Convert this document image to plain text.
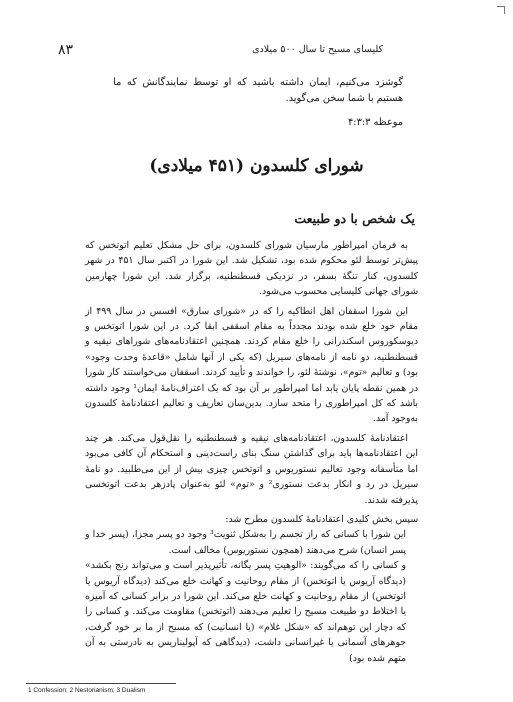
۸۳	کلیسای مسیح تا سال ۵۰۰ میلادی
گوشزد می‌کنیم، ایمان داشته باشید که او توسط نمایندگانش که ما هستیم با شما سخن می‌گوید.
موعظه ۴:۳:۳
شورای کلسدون (۴۵۱ میلادی)
یک شخص با دو طبیعت

به فرمان امپراطور مارسیان شورای کلسدون، برای حل مشکل تعلیم اتوتخس که پیش‌تر توسط لئو محکوم شده بود، تشکیل شد. این شورا در اکتبر سال ۴۵۱ در شهر کلسدون، کنار تنگهٔ بسفر، در نزدیکی قسطنطنیه، برگزار شد. این شورا چهارمین شورای جهانی کلیسایی محسوب می‌شود.

این شورا اسقفان اهل انطاکیه را که در «شورای سارق» افسس در سال ۴۹۹ از مقام خود خلع شده بودند مجدداً به مقام اسقفی ابقا کرد. در این شورا اتوتخس و دیوسکوروس اسکندرانی را خلع مقام کردند. همچنین اعتقادنامه‌های شوراهای نیقیه و قسطنطنیه، دو نامه از نامه‌های سیریل (که یکی از آنها شامل «قاعدهٔ وحدت وجود» بود) و تعالیم «توم»، نوشتهٔ لئو، را خواندند و تأیید کردند. اسقفان می‌خواستند کار شورا در همین نقطه پایان یابد اما امپراطور بر آن بود که یک اعتراف‌نامهٔ ایمان¹ وجود داشته باشد که کل امپراطوری را متحد سازد. بدین‌سان تعاریف و تعالیم اعتقادنامهٔ کلسدون به‌وجود آمد.

اعتقادنامهٔ کلسدون، اعتقادنامه‌های نیقیه و قسطنطنیه را نقل‌قول می‌کند. هر چند این اعتقادنامه‌ها باید برای گذاشتن سنگ بنای راست‌دینی و استحکام آن کافی می‌بود اما متأسفانه وجود تعالیم نستوریوس و اتوتخس چیزی بیش از این می‌طلبید. دو نامهٔ سیریل در رد و انکار بدعت نستوری² و «توم» لئو به‌عنوان پادزهر بدعت اتوتخسی پذیرفته شدند.

سپس بخش کلیدی اعتقادنامهٔ کلسدون مطرح شد:

این شورا با کسانی که راز تجسم را به‌شکل ثنویت³ وجود دو پسر مجزا، (پسر خدا و پسر انسان) شرح می‌دهند (همچون نستوریوس) مخالف است.

و کسانی را که می‌گویند: «الوهیتِ پسر یگانه، تأثیرپذیر است و می‌تواند رنج بکشد» (دیدگاه آریوس یا اتوتخس) از مقام روحانیت و کهانت خلع می‌کند (دیدگاه آریوس یا اتوتخس) از مقام روحانیت و کهانت خلع می‌کند. این شورا در برابر کسانی که آمیزه یا اختلاط دو طبیعت مسیح را تعلیم می‌دهند (اتوتخس) مقاومت می‌کند. و کسانی را که دچار این توهم‌اند که «شکل غلام» (یا انسانیت) که مسیح از ما بر خود گرفت، جوهرهای آسمانی یا غیرانسانی داشت، (دیدگاهی که آپولیناریس به نادرستی به آن متهم شده بود)

1 Confession; 2 Nestorianism; 3 Dualism
